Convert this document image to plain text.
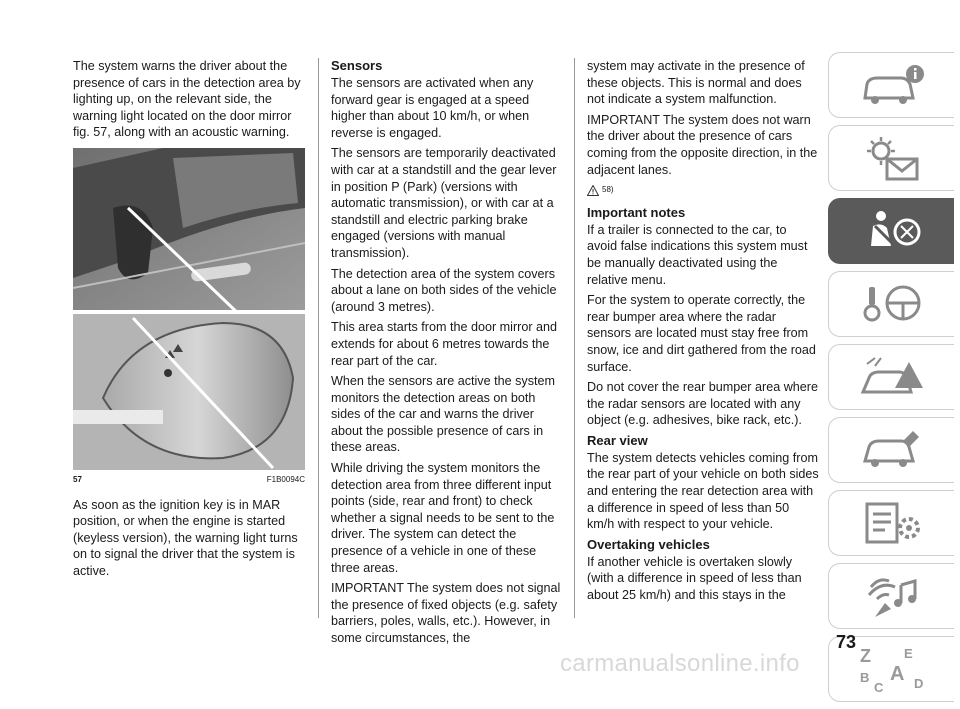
The system warns the driver about the presence of cars in the detection area by lighting up, on the relevant side, the warning light located on the door mirror fig. 57, along with an acoustic warning.

57	F1B0094C

As soon as the ignition key is in MAR position, or when the engine is started (keyless version), the warning light turns on to signal the driver that the system is active.

Sensors

The sensors are activated when any forward gear is engaged at a speed higher than about 10 km/h, or when reverse is engaged.

The sensors are temporarily deactivated with car at a standstill and the gear lever in position P (Park) (versions with automatic transmission), or with car at a standstill and electric parking brake engaged (versions with manual transmission).

The detection area of the system covers about a lane on both sides of the vehicle (around 3 metres).

This area starts from the door mirror and extends for about 6 metres towards the rear part of the car.

When the sensors are active the system monitors the detection areas on both sides of the car and warns the driver about the possible presence of cars in these areas.

While driving the system monitors the detection area from three different input points (side, rear and front) to check whether a signal needs to be sent to the driver. The system can detect the presence of a vehicle in one of these three areas.

IMPORTANT The system does not signal the presence of fixed objects (e.g. safety barriers, poles, walls, etc.). However, in some circumstances, the

system may activate in the presence of these objects. This is normal and does not indicate a system malfunction.

IMPORTANT The system does not warn the driver about the presence of cars coming from the opposite direction, in the adjacent lanes.

58)
Important notes

If a trailer is connected to the car, to avoid false indications this system must be manually deactivated using the relative menu.

For the system to operate correctly, the rear bumper area where the radar sensors are located must stay free from snow, ice and dirt gathered from the road surface.

Do not cover the rear bumper area where the radar sensors are located with any object (e.g. adhesives, bike rack, etc.).

Rear view

The system detects vehicles coming from the rear part of your vehicle on both sides and entering the rear detection area with a difference in speed of less than 50 km/h with respect to your vehicle.

Overtaking vehicles

If another vehicle is overtaken slowly (with a difference in speed of less than about 25 km/h) and this stays in the

Z	E
A
B
C D
73
carmanualsonline.info
